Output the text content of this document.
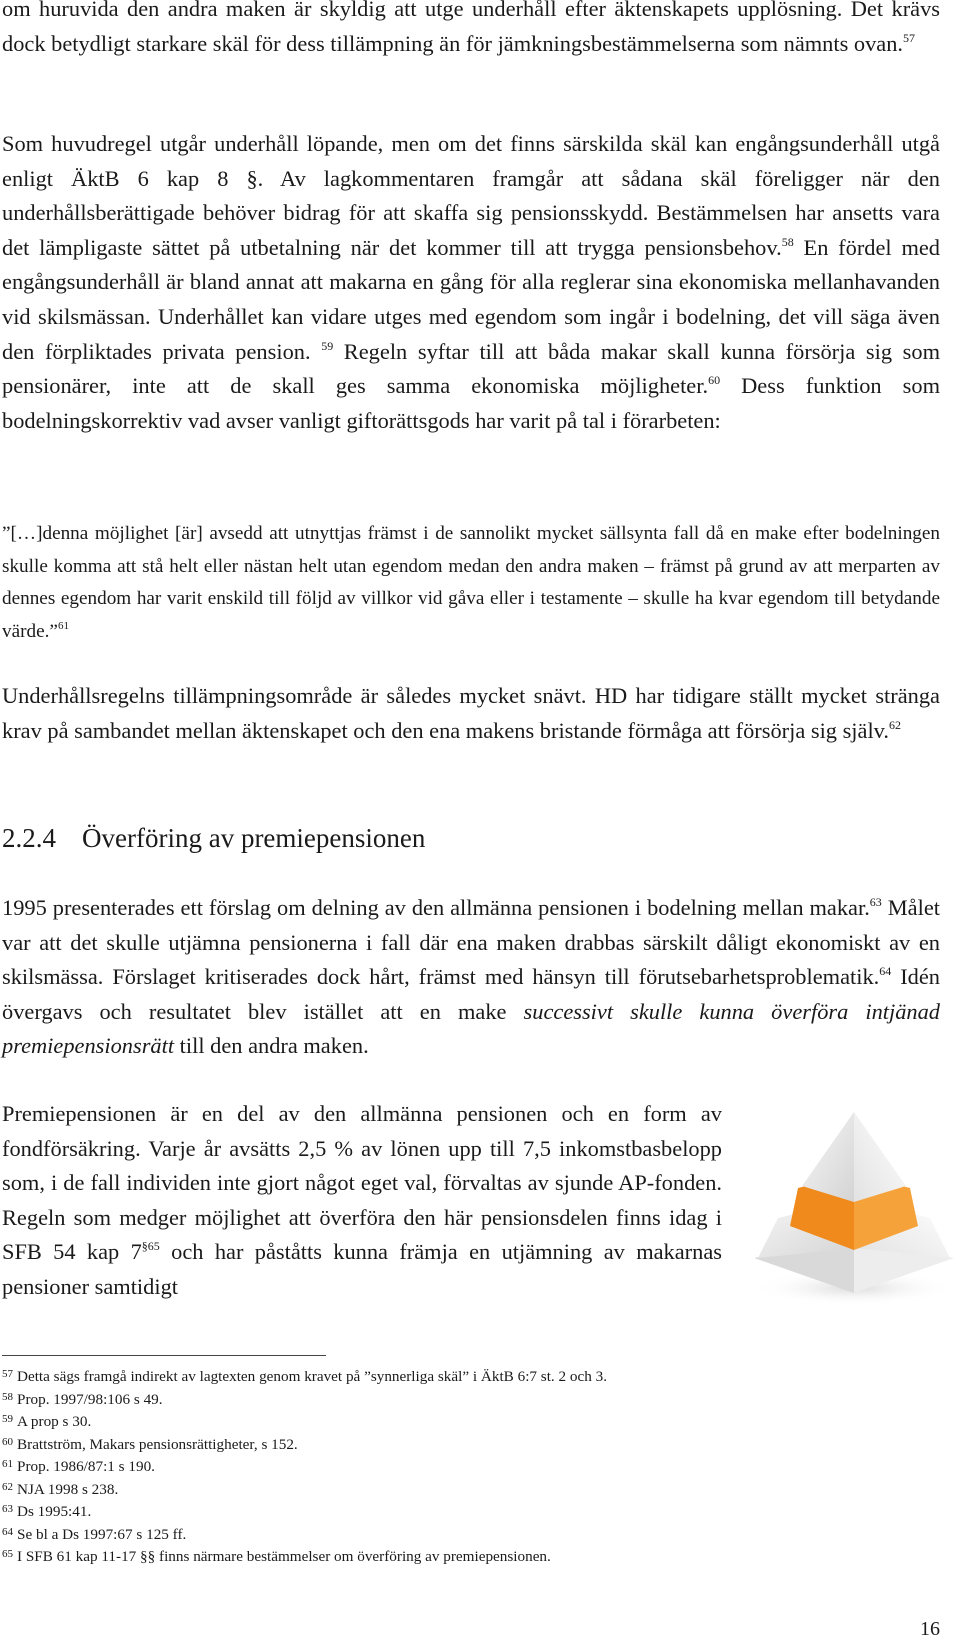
om huruvida den andra maken är skyldig att utge underhåll efter äktenskapets upplösning. Det krävs dock betydligt starkare skäl för dess tillämpning än för jämkningsbestämmelserna som nämnts ovan.$^{57}$

Som huvudregel utgår underhåll löpande, men om det finns särskilda skäl kan engångsunderhåll utgå enligt ÄktB 6 kap 8 §. Av lagkommentaren framgår att sådana skäl föreligger när den underhållsberättigade behöver bidrag för att skaffa sig pensionsskydd. Bestämmelsen har ansetts vara det lämpligaste sättet på utbetalning när det kommer till att trygga pensionsbehov.$^{58}$ En fördel med engångsunderhåll är bland annat att makarna en gång för alla reglerar sina ekonomiska mellanhavanden vid skilsmässan. Underhållet kan vidare utges med egendom som ingår i bodelning, det vill säga även den förpliktades privata pension. $^{59}$ Regeln syftar till att båda makar skall kunna försörja sig som pensionärer, inte att de skall ges samma ekonomiska möjligheter.$^{60}$ Dess funktion som bodelningskorrektiv vad avser vanligt giftorättsgods har varit på tal i förarbeten:

”[…]denna möjlighet [är] avsedd att utnyttjas främst i de sannolikt mycket sällsynta fall då en make efter bodelningen skulle komma att stå helt eller nästan helt utan egendom medan den andra maken – främst på grund av att merparten av dennes egendom har varit enskild till följd av villkor vid gåva eller i testamente – skulle ha kvar egendom till betydande värde.”$^{61}$

Underhållsregelns tillämpningsområde är således mycket snävt. HD har tidigare ställt mycket stränga krav på sambandet mellan äktenskapet och den ena makens bristande förmåga att försörja sig själv.$^{62}$

2.2.4 Överföring av premiepensionen

1995 presenterades ett förslag om delning av den allmänna pensionen i bodelning mellan makar.$^{63}$ Målet var att det skulle utjämna pensionerna i fall där ena maken drabbas särskilt dåligt ekonomiskt av en skilsmässa. Förslaget kritiserades dock hårt, främst med hänsyn till förutsebarhetsproblematik.$^{64}$ Idén övergavs och resultatet blev istället att en make successivt skulle kunna överföra intjänad premiepensionsrätt till den andra maken.

Premiepensionen är en del av den allmänna pensionen och en form av fondförsäkring. Varje år avsätts 2,5 % av lönen upp till 7,5 inkomstbasbelopp som, i de fall individen inte gjort något eget val, förvaltas av sjunde AP-fonden. Regeln som medger möjlighet att överföra den här pensionsdelen finns idag i SFB 54 kap 7$^{\S 65}$ och har påståtts kunna främja en utjämning av makarnas pensioner samtidigt

$^{57}$ Detta sägs framgå indirekt av lagtexten genom kravet på ”synnerliga skäl” i ÄktB 6:7 st. 2 och 3.

$^{58}$ Prop. 1997/98:106 s 49.

$^{59}$ A prop s 30.

$^{60}$ Brattström, Makars pensionsrättigheter, s 152.

$^{61}$ Prop. 1986/87:1 s 190.

$^{62}$ NJA 1998 s 238.

$^{63}$ Ds 1995:41.

$^{64}$ Se bl a Ds 1997:67 s 125 ff.

$^{65}$ I SFB 61 kap 11-17 §§ finns närmare bestämmelser om överföring av premiepensionen.

16
